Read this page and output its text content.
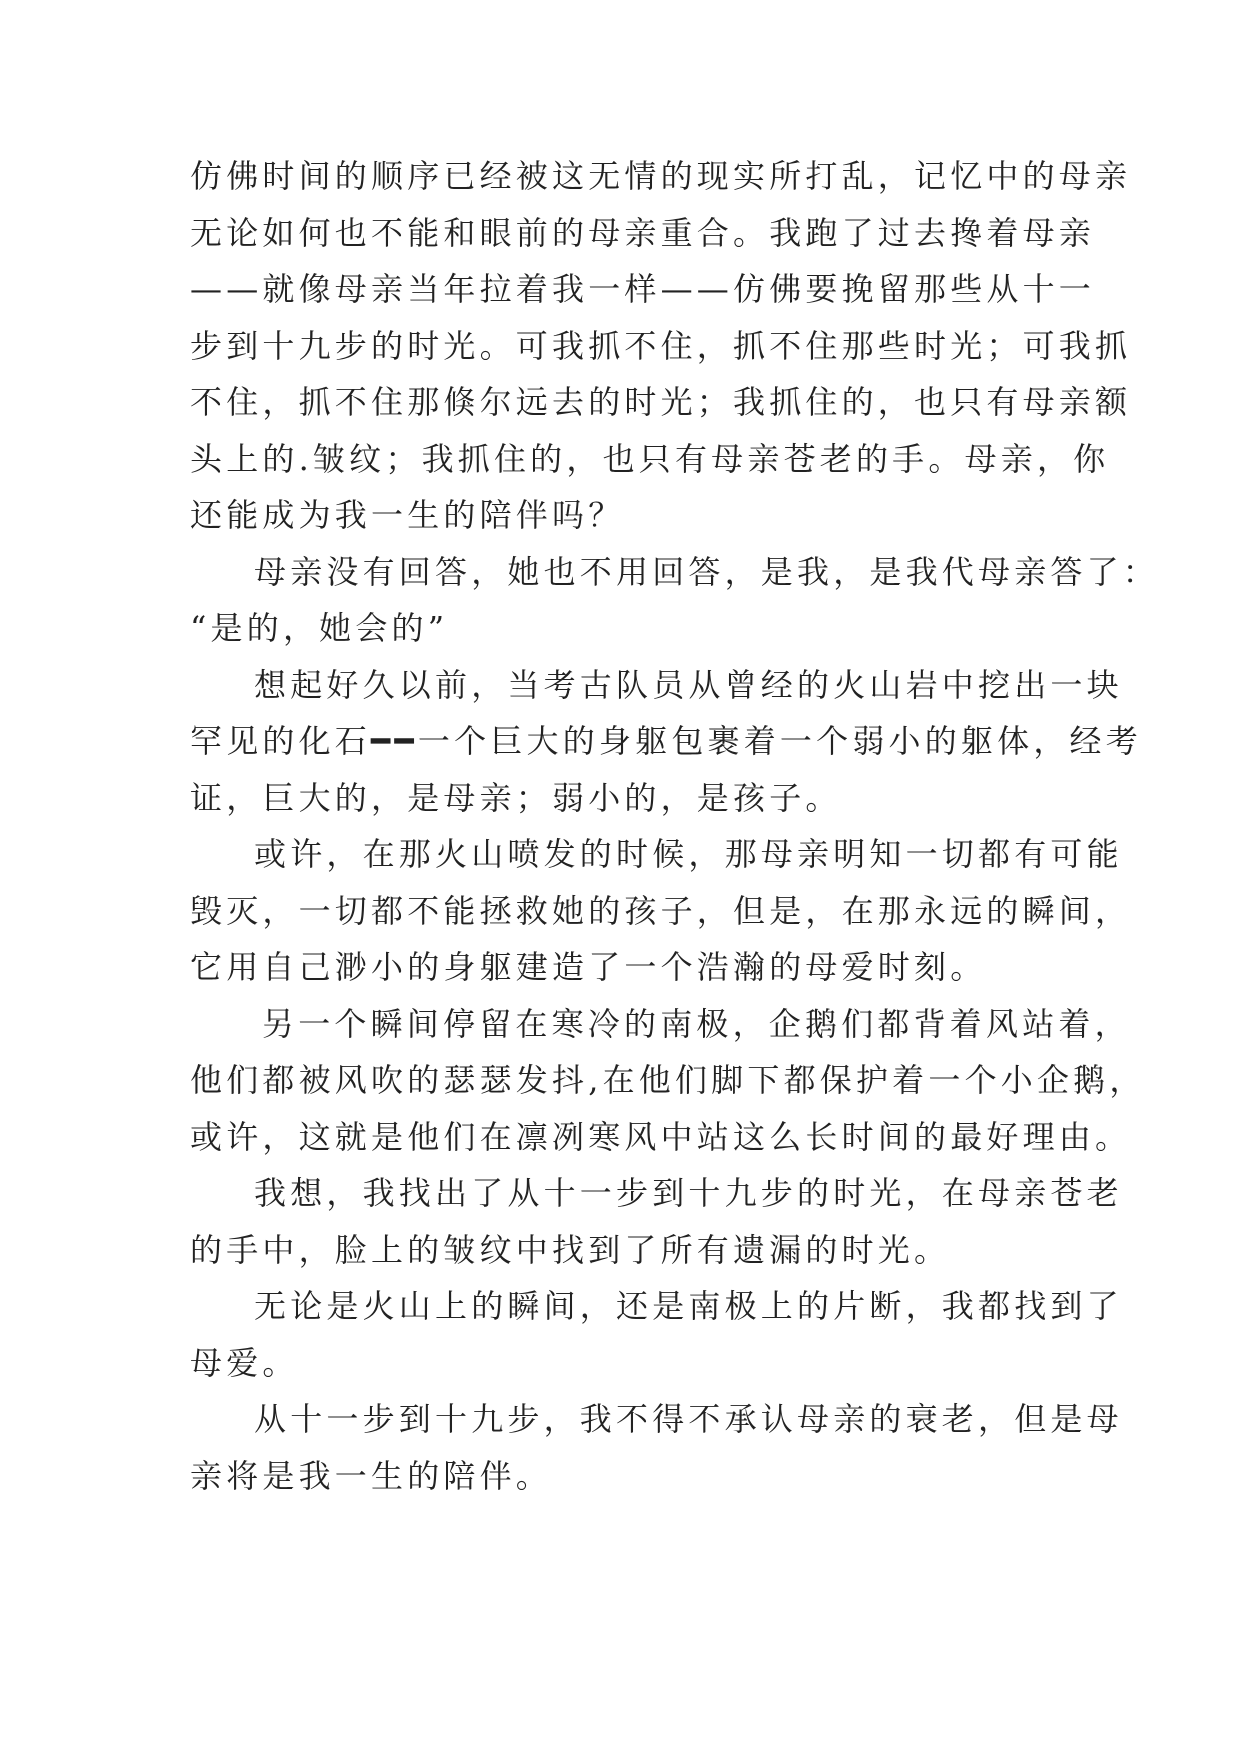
仿佛时间的顺序已经被这无情的现实所打乱，记忆中的母亲
无论如何也不能和眼前的母亲重合。我跑了过去搀着母亲
——就像母亲当年拉着我一样——仿佛要挽留那些从十一
步到十九步的时光。可我抓不住，抓不住那些时光；可我抓
不住，抓不住那倏尔远去的时光；我抓住的，也只有母亲额
头上的.皱纹；我抓住的，也只有母亲苍老的手。母亲，你
还能成为我一生的陪伴吗？
母亲没有回答，她也不用回答，是我，是我代母亲答了：
“是的，她会的”
想起好久以前，当考古队员从曾经的火山岩中挖出一块
罕见的化石━━一个巨大的身躯包裹着一个弱小的躯体，经考
证，巨大的，是母亲；弱小的，是孩子。
或许，在那火山喷发的时候，那母亲明知一切都有可能
毁灭，一切都不能拯救她的孩子，但是，在那永远的瞬间，
它用自己渺小的身躯建造了一个浩瀚的母爱时刻。
另一个瞬间停留在寒冷的南极，企鹅们都背着风站着，
他们都被风吹的瑟瑟发抖,在他们脚下都保护着一个小企鹅，
或许，这就是他们在凛冽寒风中站这么长时间的最好理由。
我想，我找出了从十一步到十九步的时光，在母亲苍老
的手中，脸上的皱纹中找到了所有遗漏的时光。
无论是火山上的瞬间，还是南极上的片断，我都找到了
母爱。
从十一步到十九步，我不得不承认母亲的衰老，但是母
亲将是我一生的陪伴。
